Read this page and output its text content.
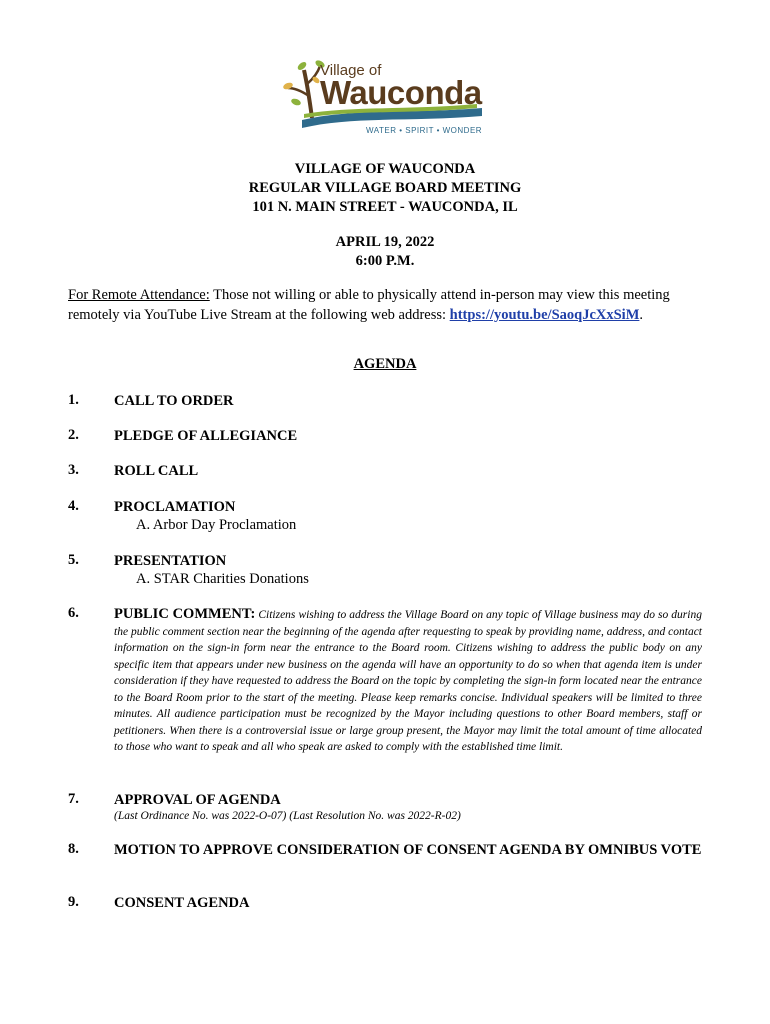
Village of
Wauconda
WATER • SPIRIT • WONDER
VILLAGE OF WAUCONDA
REGULAR VILLAGE BOARD MEETING
101 N. MAIN STREET - WAUCONDA, IL
APRIL 19, 2022
6:00 P.M.
For Remote Attendance: Those not willing or able to physically attend in-person may view this meeting remotely via YouTube Live Stream at the following web address: https://youtu.be/SaoqJcXxSiM.
AGENDA
1. CALL TO ORDER
2. PLEDGE OF ALLEGIANCE
3. ROLL CALL
4. PROCLAMATION
A. Arbor Day Proclamation
5. PRESENTATION
A. STAR Charities Donations
6. PUBLIC COMMENT: Citizens wishing to address the Village Board on any topic of Village business may do so during the public comment section near the beginning of the agenda after requesting to speak by providing name, address, and contact information on the sign-in form near the entrance to the Board room. Citizens wishing to address the public body on any specific item that appears under new business on the agenda will have an opportunity to do so when that agenda item is under consideration if they have requested to address the Board on the topic by completing the sign-in form located near the entrance to the Board Room prior to the start of the meeting. Please keep remarks concise. Individual speakers will be limited to three minutes. All audience participation must be recognized by the Mayor including questions to other Board members, staff or petitioners. When there is a controversial issue or large group present, the Mayor may limit the total amount of time allocated to those who want to speak and all who speak are asked to comply with the established time limit.
7. APPROVAL OF AGENDA
(Last Ordinance No. was 2022-O-07) (Last Resolution No. was 2022-R-02)
8. MOTION TO APPROVE CONSIDERATION OF CONSENT AGENDA BY OMNIBUS VOTE
9. CONSENT AGENDA
